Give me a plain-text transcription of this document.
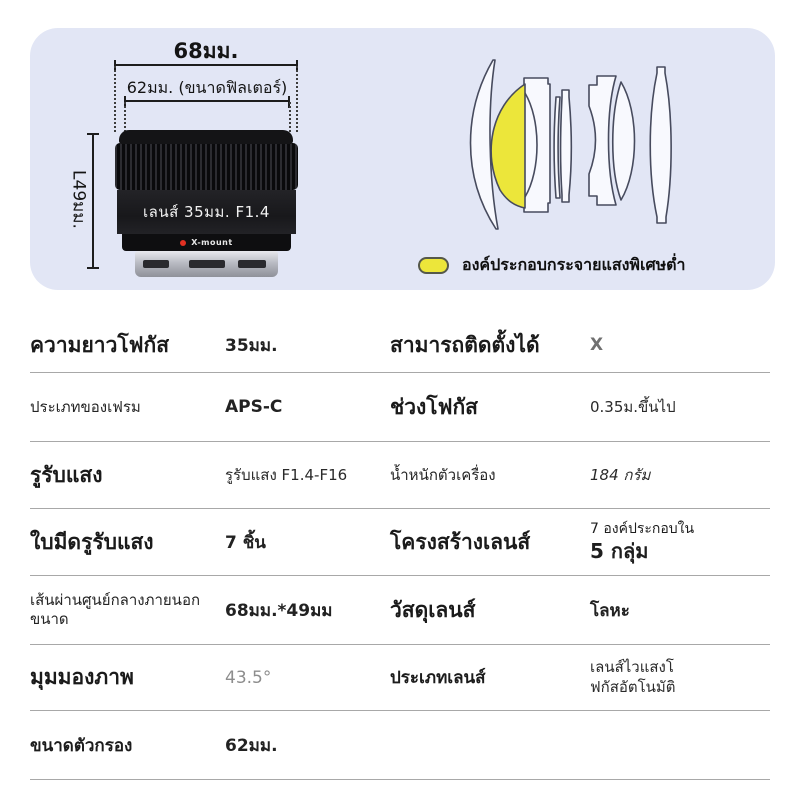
68มม.
62มม. (ขนาดฟิลเตอร์)
L49มม.	เลนส์ 35มม. F1.4
X-mount
องค์ประกอบกระจายแสงพิเศษต่ำ
ความยาวโฟกัส	35มม.	สามารถติดตั้งได้	X
ประเภทของเฟรม	APS-C	ช่วงโฟกัส	0.35ม.ขึ้นไป
รูรับแสง	รูรับแสง F1.4-F16	น้ำหนักตัวเครื่อง	184 กรัม
ใบมีดรูรับแสง	7 ชิ้น	โครงสร้างเลนส์
7 องค์ประกอบใน
5 กลุ่ม
เส้นผ่านศูนย์กลางภายนอก
ขนาด	68มม.*49มม	วัสดุเลนส์	โลหะ
มุมมองภาพ	43.5°	ประเภทเลนส์
เลนส์ไวแสงโ
ฟกัสอัตโนมัติ
ขนาดตัวกรอง	62มม.
